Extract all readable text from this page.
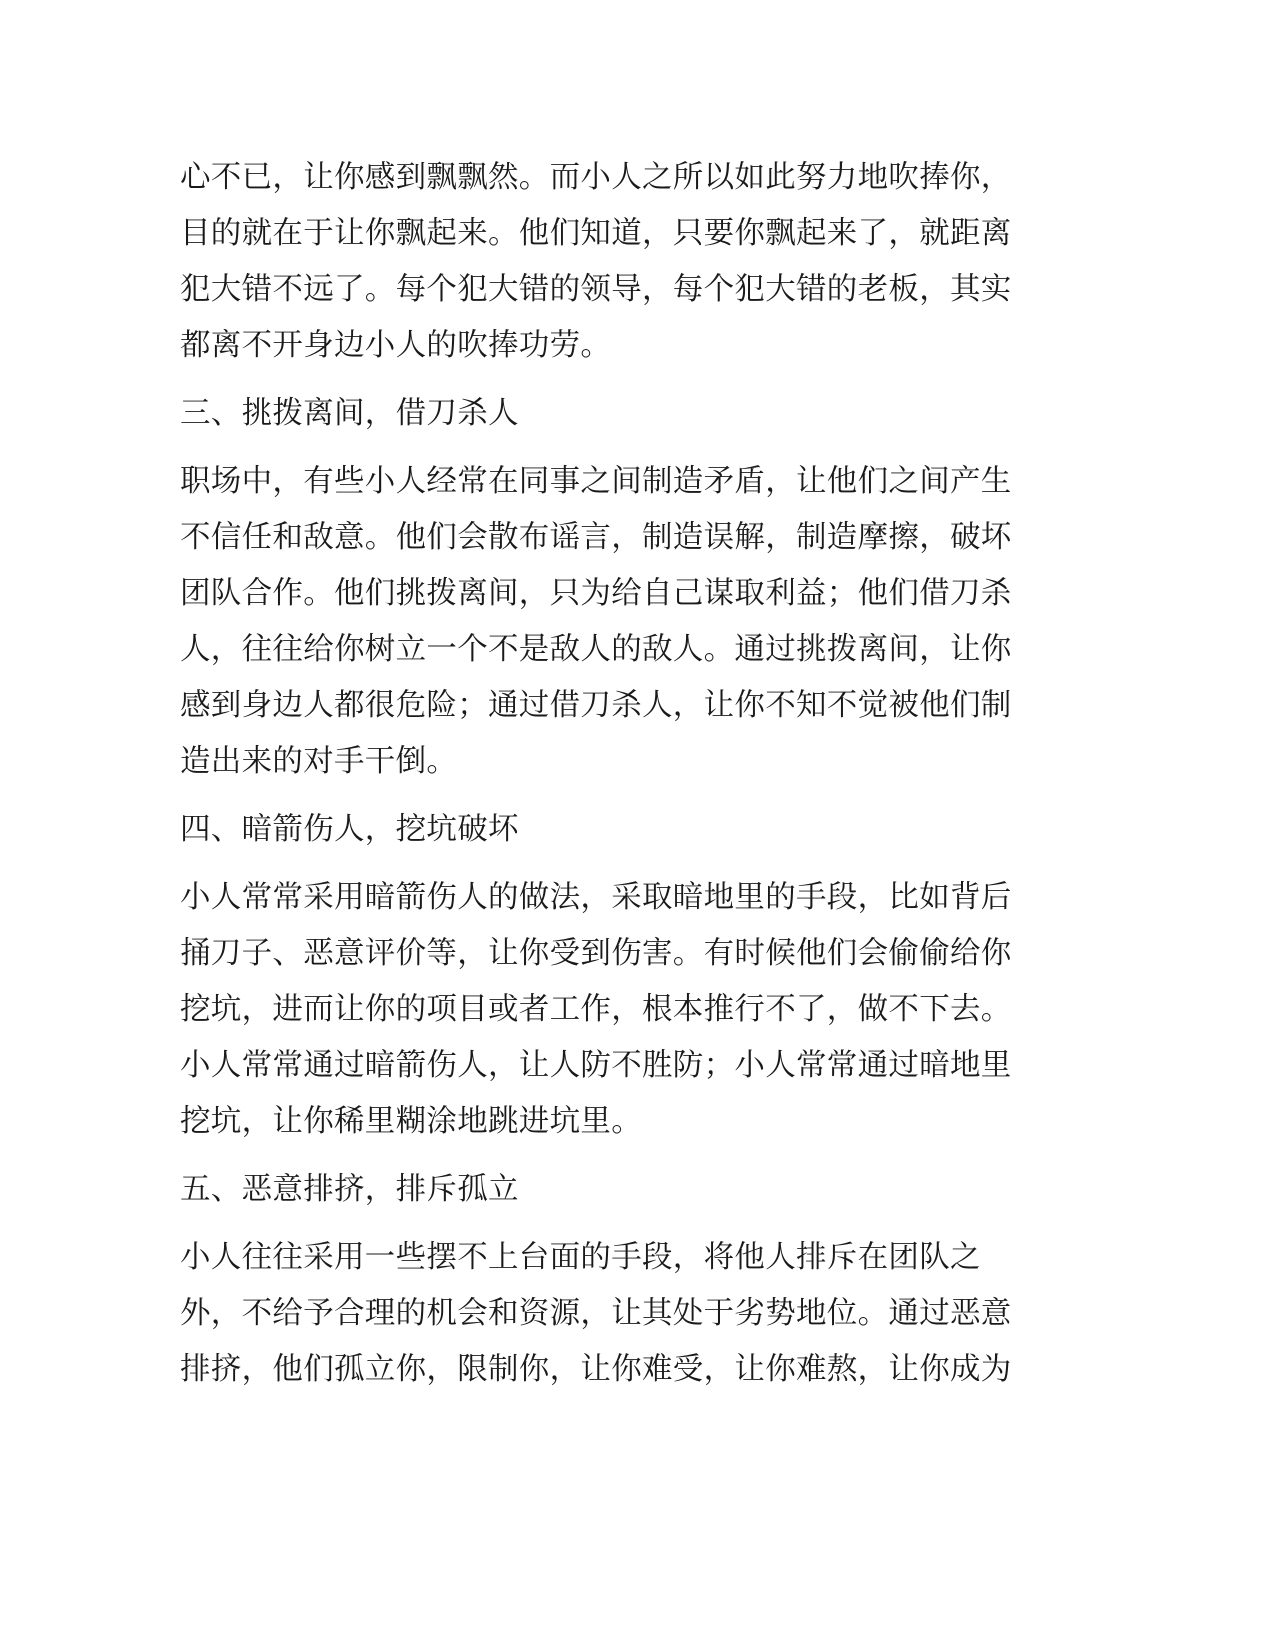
心不已，让你感到飘飘然。而小人之所以如此努力地吹捧你，
目的就在于让你飘起来。他们知道，只要你飘起来了，就距离
犯大错不远了。每个犯大错的领导，每个犯大错的老板，其实
都离不开身边小人的吹捧功劳。
三、挑拨离间，借刀杀人
职场中，有些小人经常在同事之间制造矛盾，让他们之间产生
不信任和敌意。他们会散布谣言，制造误解，制造摩擦，破坏
团队合作。他们挑拨离间，只为给自己谋取利益；他们借刀杀
人，往往给你树立一个不是敌人的敌人。通过挑拨离间，让你
感到身边人都很危险；通过借刀杀人，让你不知不觉被他们制
造出来的对手干倒。
四、暗箭伤人，挖坑破坏
小人常常采用暗箭伤人的做法，采取暗地里的手段，比如背后
捅刀子、恶意评价等，让你受到伤害。有时候他们会偷偷给你
挖坑，进而让你的项目或者工作，根本推行不了，做不下去。
小人常常通过暗箭伤人，让人防不胜防；小人常常通过暗地里
挖坑，让你稀里糊涂地跳进坑里。
五、恶意排挤，排斥孤立
小人往往采用一些摆不上台面的手段，将他人排斥在团队之
外，不给予合理的机会和资源，让其处于劣势地位。通过恶意
排挤，他们孤立你，限制你，让你难受，让你难熬，让你成为
